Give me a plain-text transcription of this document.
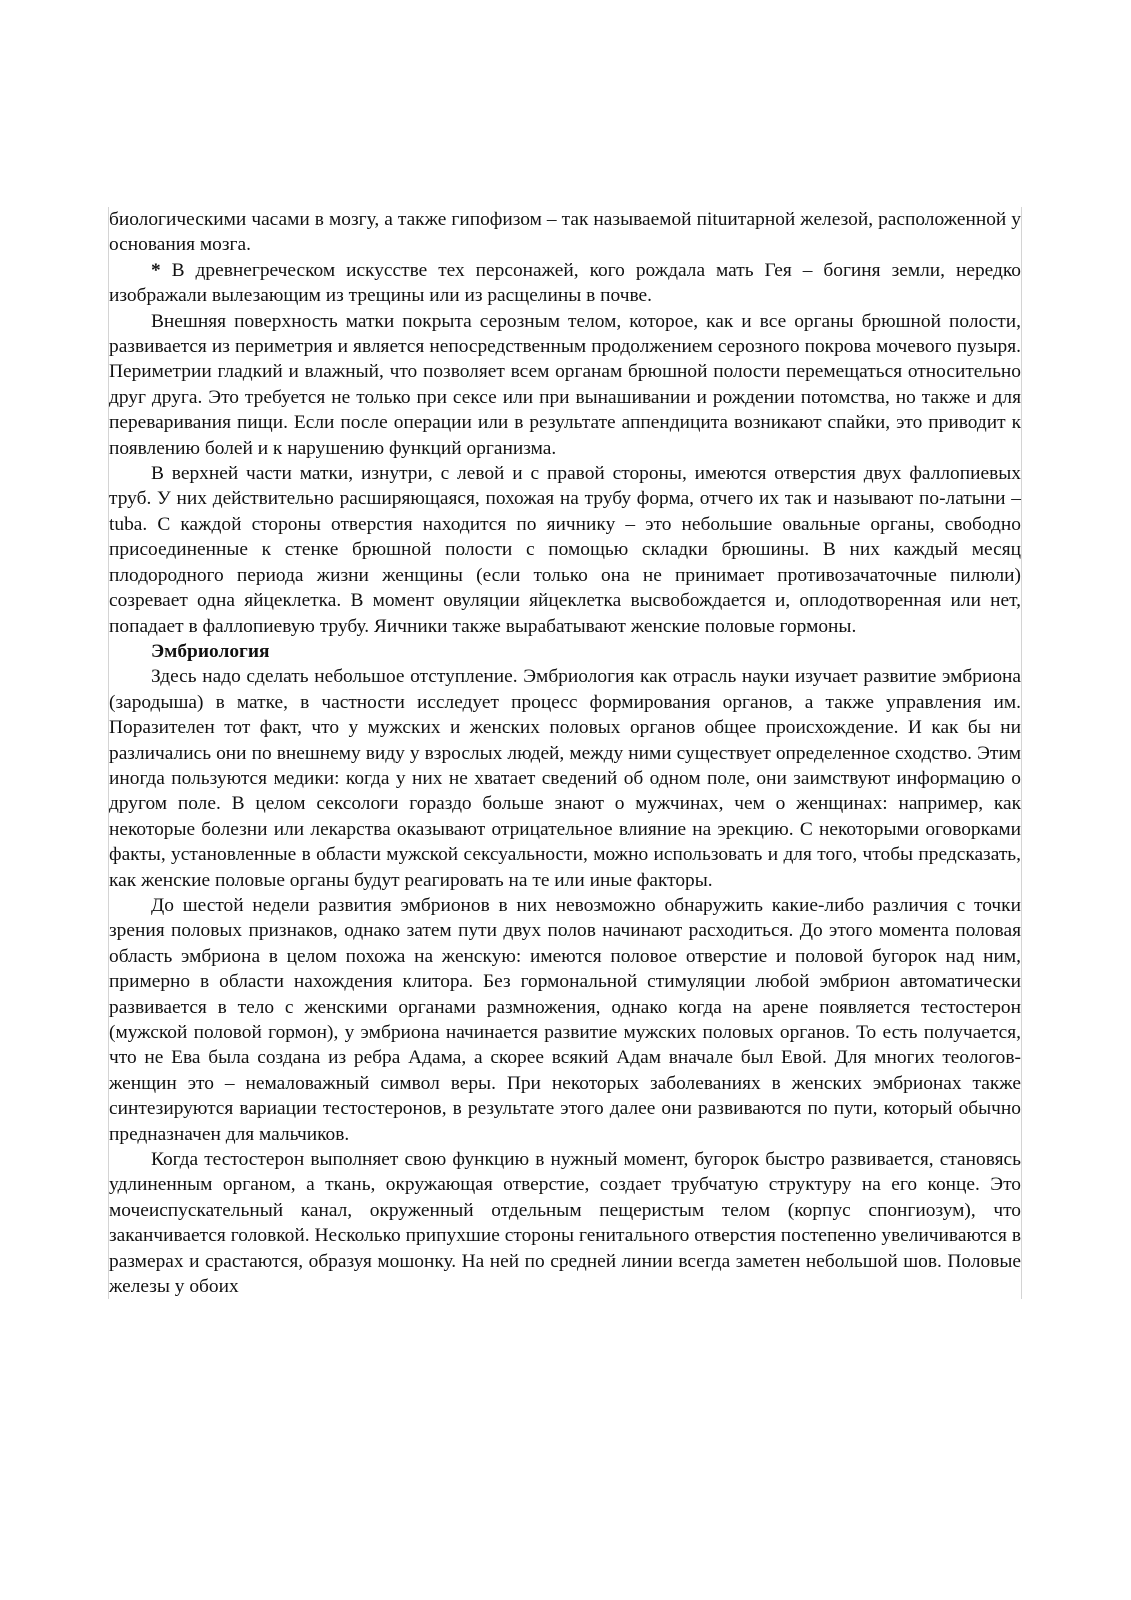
биологическими часами в мозгу, а также гипофизом – так называемой пituитарной железой, расположенной у основания мозга.

* В древнегреческом искусстве тех персонажей, кого рождала мать Гея – богиня земли, нередко изображали вылезающим из трещины или из расщелины в почве.

Внешняя поверхность матки покрыта серозным телом, которое, как и все органы брюшной полости, развивается из периметрия и является непосредственным продолжением серозного покрова мочевого пузыря. Периметрии гладкий и влажный, что позволяет всем органам брюшной полости перемещаться относительно друг друга. Это требуется не только при сексе или при вынашивании и рождении потомства, но также и для переваривания пищи. Если после операции или в результате аппендицита возникают спайки, это приводит к появлению болей и к нарушению функций организма.

В верхней части матки, изнутри, с левой и с правой стороны, имеются отверстия двух фаллопиевых труб. У них действительно расширяющаяся, похожая на трубу форма, отчего их так и называют по-латыни – tuba. С каждой стороны отверстия находится по яичнику – это небольшие овальные органы, свободно присоединенные к стенке брюшной полости с помощью складки брюшины. В них каждый месяц плодородного периода жизни женщины (если только она не принимает противозачаточные пилюли) созревает одна яйцеклетка. В момент овуляции яйцеклетка высвобождается и, оплодотворенная или нет, попадает в фаллопиевую трубу. Яичники также вырабатывают женские половые гормоны.

Эмбриология

Здесь надо сделать небольшое отступление. Эмбриология как отрасль науки изучает развитие эмбриона (зародыша) в матке, в частности исследует процесс формирования органов, а также управления им. Поразителен тот факт, что у мужских и женских половых органов общее происхождение. И как бы ни различались они по внешнему виду у взрослых людей, между ними существует определенное сходство. Этим иногда пользуются медики: когда у них не хватает сведений об одном поле, они заимствуют информацию о другом поле. В целом сексологи гораздо больше знают о мужчинах, чем о женщинах: например, как некоторые болезни или лекарства оказывают отрицательное влияние на эрекцию. С некоторыми оговорками факты, установленные в области мужской сексуальности, можно использовать и для того, чтобы предсказать, как женские половые органы будут реагировать на те или иные факторы.

До шестой недели развития эмбрионов в них невозможно обнаружить какие-либо различия с точки зрения половых признаков, однако затем пути двух полов начинают расходиться. До этого момента половая область эмбриона в целом похожа на женскую: имеются половое отверстие и половой бугорок над ним, примерно в области нахождения клитора. Без гормональной стимуляции любой эмбрион автоматически развивается в тело с женскими органами размножения, однако когда на арене появляется тестостерон (мужской половой гормон), у эмбриона начинается развитие мужских половых органов. То есть получается, что не Ева была создана из ребра Адама, а скорее всякий Адам вначале был Евой. Для многих теологов-женщин это – немаловажный символ веры. При некоторых заболеваниях в женских эмбрионах также синтезируются вариации тестостеронов, в результате этого далее они развиваются по пути, который обычно предназначен для мальчиков.

Когда тестостерон выполняет свою функцию в нужный момент, бугорок быстро развивается, становясь удлиненным органом, а ткань, окружающая отверстие, создает трубчатую структуру на его конце. Это мочеиспускательный канал, окруженный отдельным пещеристым телом (корпус спонгиозум), что заканчивается головкой. Несколько припухшие стороны генитального отверстия постепенно увеличиваются в размерах и срастаются, образуя мошонку. На ней по средней линии всегда заметен небольшой шов. Половые железы у обоих
